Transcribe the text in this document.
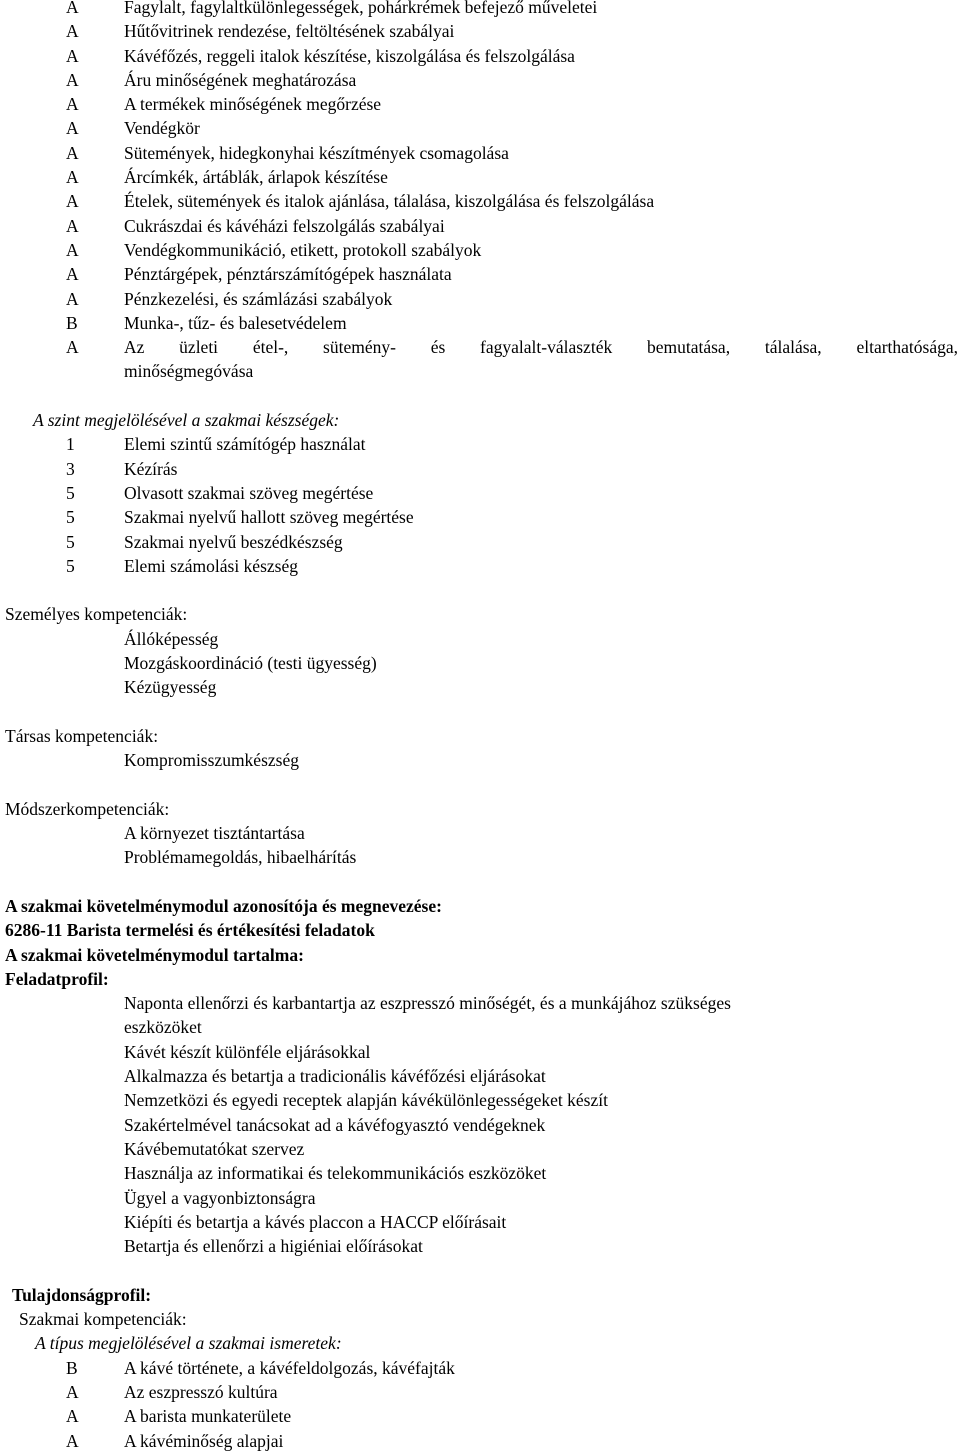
A	Fagylalt, fagylaltkülönlegességek, pohárkrémek befejező műveletei
A	Hűtővitrinek rendezése, feltöltésének szabályai
A	Kávéfőzés, reggeli italok készítése, kiszolgálása és felszolgálása
A	Áru minőségének meghatározása
A	A termékek minőségének megőrzése
A	Vendégkör
A	Sütemények, hidegkonyhai készítmények csomagolása
A	Árcímkék, ártáblák, árlapok készítése
A	Ételek, sütemények és italok ajánlása, tálalása, kiszolgálása és felszolgálása
A	Cukrászdai és kávéházi felszolgálás szabályai
A	Vendégkommunikáció, etikett, protokoll szabályok
A	Pénztárgépek, pénztárszámítógépek használata
A	Pénzkezelési, és számlázási szabályok
B	Munka-, tűz- és balesetvédelem
A	Az üzleti étel-, sütemény- és fagyalalt-választék bemutatása, tálalása, eltarthatósága,
minőségmegóvása
A szint megjelölésével a szakmai készségek:
1	Elemi szintű számítógép használat
3	Kézírás
5	Olvasott szakmai szöveg megértése
5	Szakmai nyelvű hallott szöveg megértése
5	Szakmai nyelvű beszédkészség
5	Elemi számolási készség
Személyes kompetenciák:
Állóképesség
Mozgáskoordináció (testi ügyesség)
Kézügyesség
Társas kompetenciák:
Kompromisszumkészség
Módszerkompetenciák:
A környezet tisztántartása
Problémamegoldás, hibaelhárítás
A szakmai követelménymodul azonosítója és megnevezése:
6286-11 Barista termelési és értékesítési feladatok
A szakmai követelménymodul tartalma:
Feladatprofil:
Naponta ellenőrzi és karbantartja az eszpresszó minőségét, és a munkájához szükséges
eszközöket
Kávét készít különféle eljárásokkal
Alkalmazza és betartja a tradicionális kávéfőzési eljárásokat
Nemzetközi és egyedi receptek alapján kávékülönlegességeket készít
Szakértelmével tanácsokat ad a kávéfogyasztó vendégeknek
Kávébemutatókat szervez
Használja az informatikai és telekommunikációs eszközöket
Ügyel a vagyonbiztonságra
Kiépíti és betartja a kávés placcon a HACCP előírásait
Betartja és ellenőrzi a higiéniai előírásokat
Tulajdonságprofil:
Szakmai kompetenciák:
A típus megjelölésével a szakmai ismeretek:
B	A kávé története, a kávéfeldolgozás, kávéfajták
A	Az eszpresszó kultúra
A	A barista munkaterülete
A	A kávéminőség alapjai
